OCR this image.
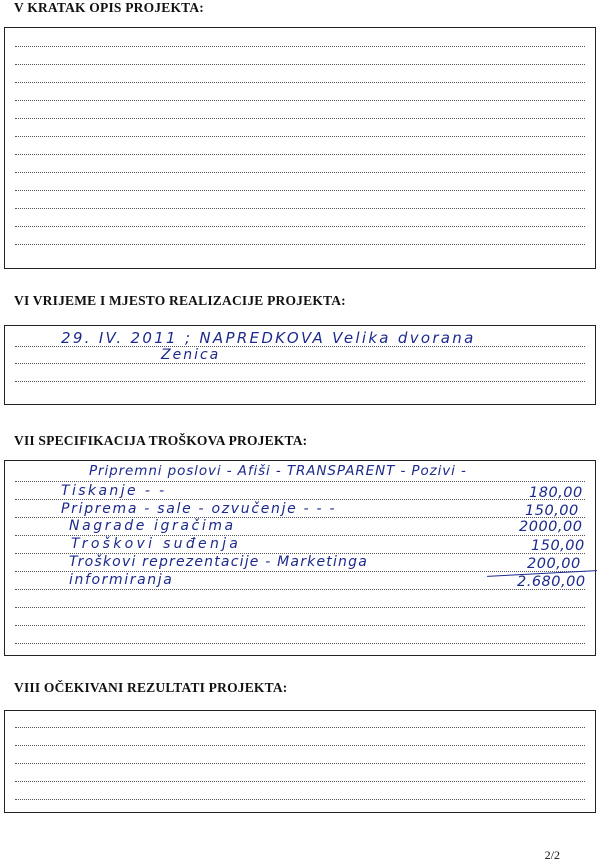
V KRATAK OPIS PROJEKTA:
VI VRIJEME I MJESTO REALIZACIJE PROJEKTA:
29. IV. 2011 ; NAPREDKOVA Velika dvorana
Zenica
VII SPECIFIKACIJA TROŠKOVA PROJEKTA:
Pripremni poslovi - Afiši - TRANSPARENT - Pozivi -
Tiskanje - -	180,00
Priprema - sale - ozvučenje - - -	150,00
Nagrade igračima	2000,00
Troškovi suđenja	150,00
Troškovi reprezentacije - Marketinga	200,00
informiranja	2.680,00
VIII OČEKIVANI REZULTATI PROJEKTA:
2/2
